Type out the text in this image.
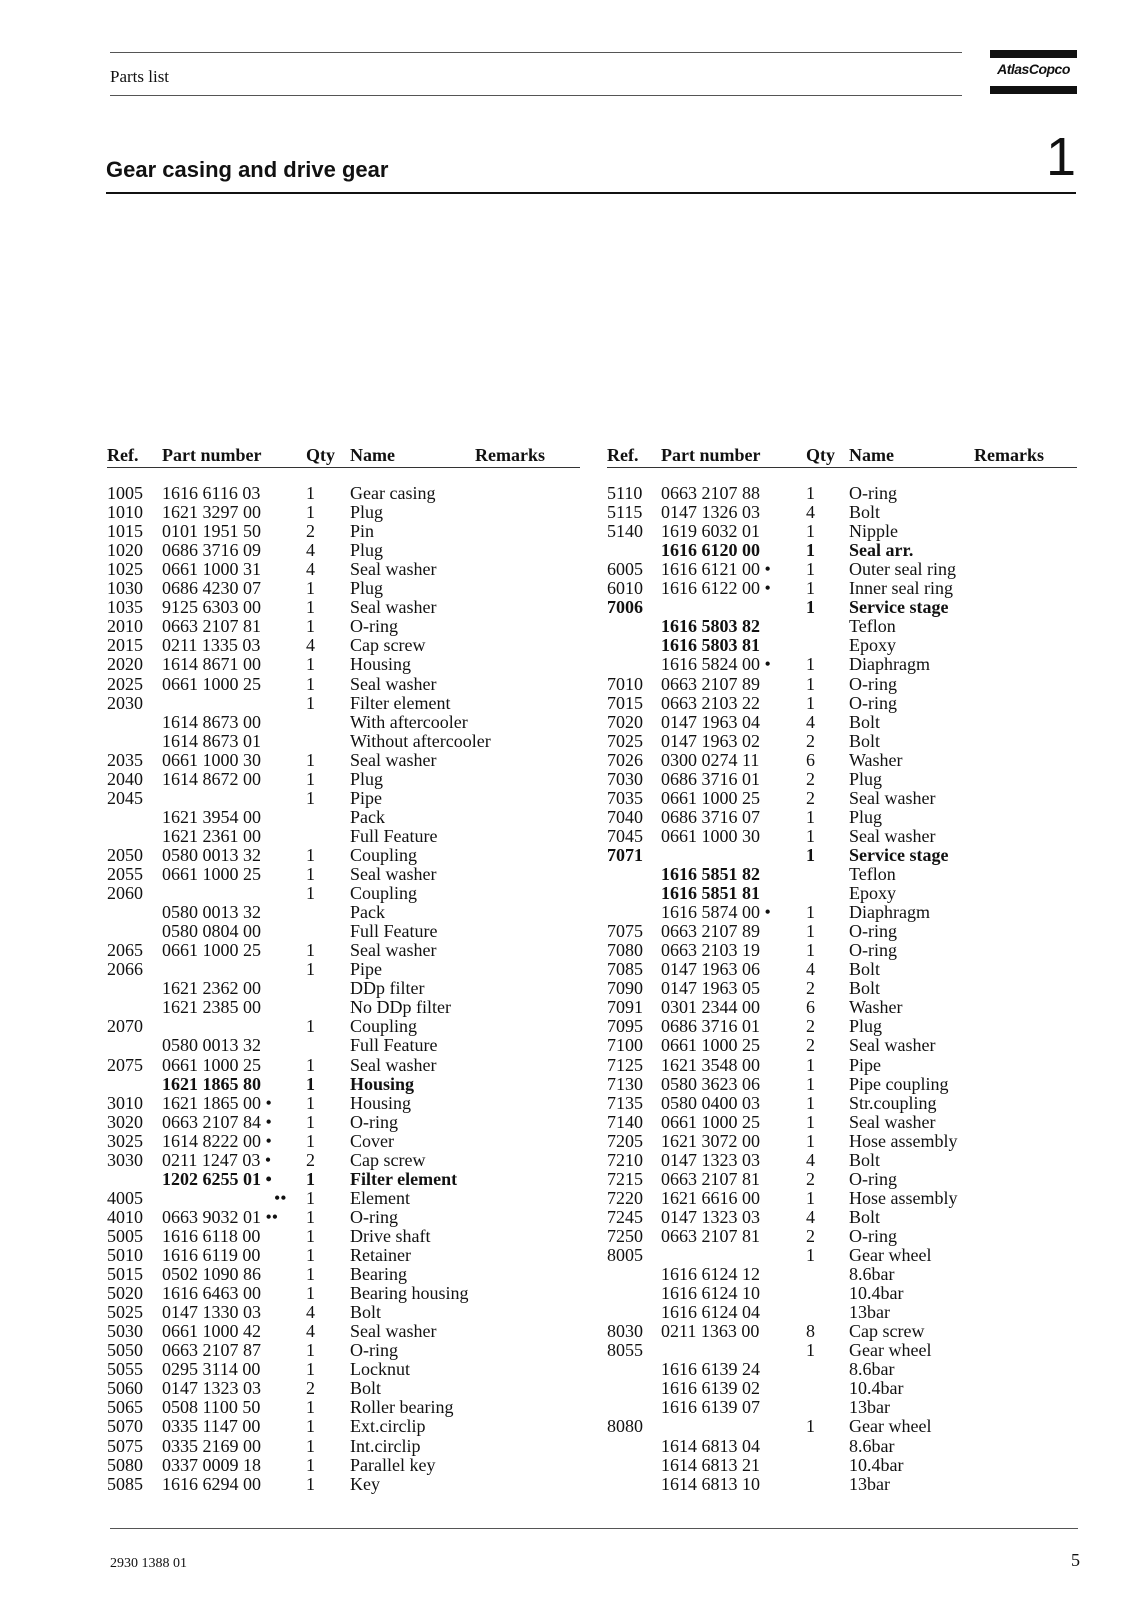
Parts list	AtlasCopco
Gear casing and drive gear	1
Ref. Part number Qty Name	Remarks
1005 1616 6116 03	1 Gear casing
1010 1621 3297 00	1 Plug
1015 0101 1951 50	2 Pin
1020 0686 3716 09	4 Plug
1025 0661 1000 31	4 Seal washer
1030 0686 4230 07	1 Plug
1035 9125 6303 00	1 Seal washer
2010 0663 2107 81	1 O-ring
2015 0211 1335 03	4 Cap screw
2020 1614 8671 00	1 Housing
2025 0661 1000 25	1 Seal washer
2030	1 Filter element
1614 8673 00	With aftercooler
1614 8673 01	Without aftercooler
2035 0661 1000 30	1 Seal washer
2040 1614 8672 00	1 Plug
2045	1 Pipe
1621 3954 00	Pack
1621 2361 00	Full Feature
2050 0580 0013 32	1 Coupling
2055 0661 1000 25	1 Seal washer
2060	1 Coupling
0580 0013 32	Pack
0580 0804 00	Full Feature
2065 0661 1000 25	1 Seal washer
2066	1 Pipe
1621 2362 00	DDp filter
1621 2385 00	No DDp filter
2070	1 Coupling
0580 0013 32	Full Feature
2075 0661 1000 25	1 Seal washer
1621 1865 80	1 Housing
3010 1621 1865 00 • 1 Housing
3020 0663 2107 84 • 1 O-ring
3025 1614 8222 00 • 1 Cover
3030 0211 1247 03 • 2 Cap screw
1202 6255 01 • 1 Filter element
4005	•• 1 Element
4010 0663 9032 01 •• 1 O-ring
5005 1616 6118 00	1 Drive shaft
5010 1616 6119 00	1 Retainer
5015 0502 1090 86	1 Bearing
5020 1616 6463 00	1 Bearing housing
5025 0147 1330 03	4 Bolt
5030 0661 1000 42	4 Seal washer
5050 0663 2107 87	1 O-ring
5055 0295 3114 00	1 Locknut
5060 0147 1323 03	2 Bolt
5065 0508 1100 50	1 Roller bearing
5070 0335 1147 00	1 Ext.circlip
5075 0335 2169 00	1 Int.circlip
5080 0337 0009 18	1 Parallel key
5085 1616 6294 00	1 Key
Ref. Part number	Qty Name	Remarks
5110 0663 2107 88	1 O-ring
5115 0147 1326 03	4 Bolt
5140 1619 6032 01	1 Nipple
1616 6120 00	1 Seal arr.
6005 1616 6121 00 • 1 Outer seal ring
6010 1616 6122 00 • 1 Inner seal ring
7006	1 Service stage
1616 5803 82	Teflon
1616 5803 81	Epoxy
1616 5824 00 • 1 Diaphragm
7010 0663 2107 89	1 O-ring
7015 0663 2103 22	1 O-ring
7020 0147 1963 04	4 Bolt
7025 0147 1963 02	2 Bolt
7026 0300 0274 11	6 Washer
7030 0686 3716 01	2 Plug
7035 0661 1000 25	2 Seal washer
7040 0686 3716 07	1 Plug
7045 0661 1000 30	1 Seal washer
7071	1 Service stage
1616 5851 82	Teflon
1616 5851 81	Epoxy
1616 5874 00 • 1 Diaphragm
7075 0663 2107 89	1 O-ring
7080 0663 2103 19	1 O-ring
7085 0147 1963 06	4 Bolt
7090 0147 1963 05	2 Bolt
7091 0301 2344 00	6 Washer
7095 0686 3716 01	2 Plug
7100 0661 1000 25	2 Seal washer
7125 1621 3548 00	1 Pipe
7130 0580 3623 06	1 Pipe coupling
7135 0580 0400 03	1 Str.coupling
7140 0661 1000 25	1 Seal washer
7205 1621 3072 00	1 Hose assembly
7210 0147 1323 03	4 Bolt
7215 0663 2107 81	2 O-ring
7220 1621 6616 00	1 Hose assembly
7245 0147 1323 03	4 Bolt
7250 0663 2107 81	2 O-ring
8005	1 Gear wheel
1616 6124 12	8.6bar
1616 6124 10	10.4bar
1616 6124 04	13bar
8030 0211 1363 00	8 Cap screw
8055	1 Gear wheel
1616 6139 24	8.6bar
1616 6139 02	10.4bar
1616 6139 07	13bar
8080	1 Gear wheel
1614 6813 04	8.6bar
1614 6813 21	10.4bar
1614 6813 10	13bar
2930 1388 01	5
